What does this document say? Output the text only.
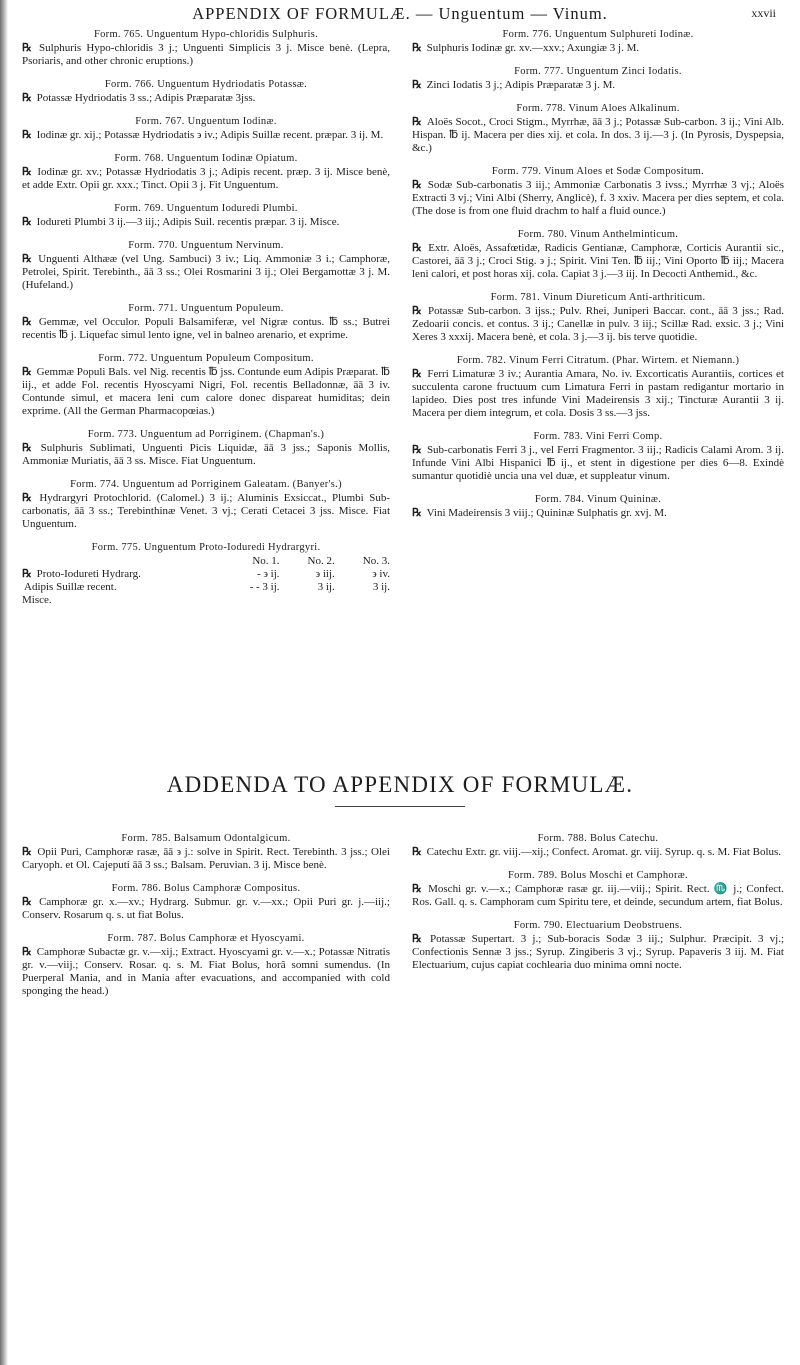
APPENDIX OF FORMULÆ. — Unguentum — Vinum.	xxvii
Form. 765. Unguentum Hypo-chloridis Sulphuris.
℞ Sulphuris Hypo-chloridis 3 j.; Unguenti Simplicis 3 j. Misce benè. (Lepra, Psoriaris, and other chronic eruptions.)
Form. 766. Unguentum Hydriodatis Potassæ.
℞ Potassæ Hydriodatis 3 ss.; Adipis Præparatæ 3jss.
Form. 767. Unguentum Iodinæ.
℞ Iodinæ gr. xij.; Potassæ Hydriodatis ϶ iv.; Adipis Suillæ recent. præpar. 3 ij. M.
Form. 768. Unguentum Iodinæ Opiatum.
℞ Iodinæ gr. xv.; Potassæ Hydriodatis 3 j.; Adipis recent. præp. 3 ij. Misce benè, et adde Extr. Opii gr. xxx.; Tinct. Opii 3 j. Fit Unguentum.
Form. 769. Unguentum Ioduredi Plumbi.
℞ Iodureti Plumbi 3 ij.—3 iij.; Adipis Suil. recentis præpar. 3 ij. Misce.
Form. 770. Unguentum Nervinum.
℞ Unguenti Althææ (vel Ung. Sambuci) 3 iv.; Liq. Ammoniæ 3 i.; Camphoræ, Petrolei, Spirit. Terebinth., āā 3 ss.; Olei Rosmarini 3 ij.; Olei Bergamottæ 3 j. M. (Hufeland.)
Form. 771. Unguentum Populeum.
℞ Gemmæ, vel Occulor. Populi Balsamiferæ, vel Nigræ contus. ℔ ss.; Butrei recentis ℔ j. Liquefac simul lento igne, vel in balneo arenario, et exprime.
Form. 772. Unguentum Populeum Compositum.
℞ Gemmæ Populi Bals. vel Nig. recentis ℔ jss. Contunde eum Adipis Præparat. ℔ iij., et adde Fol. recentis Hyoscyami Nigri, Fol. recentis Belladonnæ, āā 3 iv. Contunde simul, et macera leni cum calore donec dispareat humiditas; dein exprime. (All the German Pharmacopœias.)
Form. 773. Unguentum ad Porriginem. (Chapman's.)
℞ Sulphuris Sublimati, Unguenti Picis Liquidæ, āā 3 jss.; Saponis Mollis, Ammoniæ Muriatis, āā 3 ss. Misce. Fiat Unguentum.
Form. 774. Unguentum ad Porriginem Galeatam. (Banyer's.)
℞ Hydrargyri Protochlorid. (Calomel.) 3 ij.; Aluminis Exsiccat., Plumbi Sub-carbonatis, āā 3 ss.; Terebinthinæ Venet. 3 vj.; Cerati Cetacei 3 jss. Misce. Fiat Unguentum.
Form. 775. Unguentum Proto-Ioduredi Hydrargyri.
	No. 1.	No. 2.	No. 3.
℞ Proto-Iodureti Hydrarg.	- ϶ ij.	϶ iij.	϶ iv.
Adipis Suillæ recent.	- - 3 ij.	3 ij.	3 ij.
Misce.			
Form. 776. Unguentum Sulphureti Iodinæ.
℞ Sulphuris Iodinæ gr. xv.—xxv.; Axungiæ 3 j. M.
Form. 777. Unguentum Zinci Iodatis.
℞ Zinci Iodatis 3 j.; Adipis Præparatæ 3 j. M.
Form. 778. Vinum Aloes Alkalinum.
℞ Aloës Socot., Croci Stigm., Myrrhæ, āā 3 j.; Potassæ Sub-carbon. 3 ij.; Vini Alb. Hispan. ℔ ij. Macera per dies xij. et cola. In dos. 3 ij.—3 j. (In Pyrosis, Dyspepsia, &c.)
Form. 779. Vinum Aloes et Sodæ Compositum.
℞ Sodæ Sub-carbonatis 3 iij.; Ammoniæ Carbonatis 3 ivss.; Myrrhæ 3 vj.; Aloës Extracti 3 vj.; Vini Albi (Sherry, Anglicè), f. 3 xxiv. Macera per dies septem, et cola. (The dose is from one fluid drachm to half a fluid ounce.)
Form. 780. Vinum Anthelminticum.
℞ Extr. Aloës, Assafœtidæ, Radicis Gentianæ, Camphoræ, Corticis Aurantii sic., Castorei, āā 3 j.; Croci Stig. ϶ j.; Spirit. Vini Ten. ℔ iij.; Vini Oporto ℔ iij.; Macera leni calori, et post horas xij. cola. Capiat 3 j.—3 iij. In Decocti Anthemid., &c.
Form. 781. Vinum Diureticum Anti-arthriticum.
℞ Potassæ Sub-carbon. 3 ijss.; Pulv. Rhei, Juniperi Baccar. cont., āā 3 jss.; Rad. Zedoarii concis. et contus. 3 ij.; Canellæ in pulv. 3 iij.; Scillæ Rad. exsic. 3 j.; Vini Xeres 3 xxxij. Macera benè, et cola. 3 j.—3 ij. bis terve quotidie.
Form. 782. Vinum Ferri Citratum. (Phar. Wirtem. et Niemann.)
℞ Ferri Limaturæ 3 iv.; Aurantia Amara, No. iv. Excorticatis Aurantiis, cortices et succulenta carone fructuum cum Limatura Ferri in pastam redigantur mortario in lapideo. Dies post tres infunde Vini Madeirensis 3 xij.; Tincturæ Aurantii 3 ij. Macera per diem integrum, et cola. Dosis 3 ss.—3 jss.
Form. 783. Vini Ferri Comp.
℞ Sub-carbonatis Ferri 3 j., vel Ferri Fragmentor. 3 iij.; Radicis Calami Arom. 3 ij. Infunde Vini Albi Hispanici ℔ ij., et stent in digestione per dies 6—8. Exindè sumantur quotidiè uncia una vel duæ, et suppleatur vinum.
Form. 784. Vinum Quininæ.
℞ Vini Madeirensis 3 viij.; Quininæ Sulphatis gr. xvj. M.
ADDENDA TO APPENDIX OF FORMULÆ.
Form. 785. Balsamum Odontalgicum.
℞ Opii Puri, Camphoræ rasæ, āā ϶ j.: solve in Spirit. Rect. Terebinth. 3 jss.; Olei Caryoph. et Ol. Cajeputi āā 3 ss.; Balsam. Peruvian. 3 ij. Misce benè.
Form. 786. Bolus Camphoræ Compositus.
℞ Camphoræ gr. x.—xv.; Hydrarg. Submur. gr. v.—xx.; Opii Puri gr. j.—iij.; Conserv. Rosarum q. s. ut fiat Bolus.
Form. 787. Bolus Camphoræ et Hyoscyami.
℞ Camphoræ Subactæ gr. v.—xij.; Extract. Hyoscyami gr. v.—x.; Potassæ Nitratis gr. v.—viij.; Conserv. Rosar. q. s. M. Fiat Bolus, horâ somni sumendus. (In Puerperal Mania, and in Mania after evacuations, and accompanied with cold sponging the head.)
Form. 788. Bolus Catechu.
℞ Catechu Extr. gr. viij.—xij.; Confect. Aromat. gr. viij. Syrup. q. s. M. Fiat Bolus.
Form. 789. Bolus Moschi et Camphoræ.
℞ Moschi gr. v.—x.; Camphoræ rasæ gr. iij.—viij.; Spirit. Rect. ♏ j.; Confect. Ros. Gall. q. s. Camphoram cum Spiritu tere, et deinde, secundum artem, fiat Bolus.
Form. 790. Electuarium Deobstruens.
℞ Potassæ Supertart. 3 j.; Sub-boracis Sodæ 3 iij.; Sulphur. Præcipit. 3 vj.; Confectionis Sennæ 3 jss.; Syrup. Zingiberis 3 vj.; Syrup. Papaveris 3 iij. M. Fiat Electuarium, cujus capiat cochlearia duo minima omni nocte.
